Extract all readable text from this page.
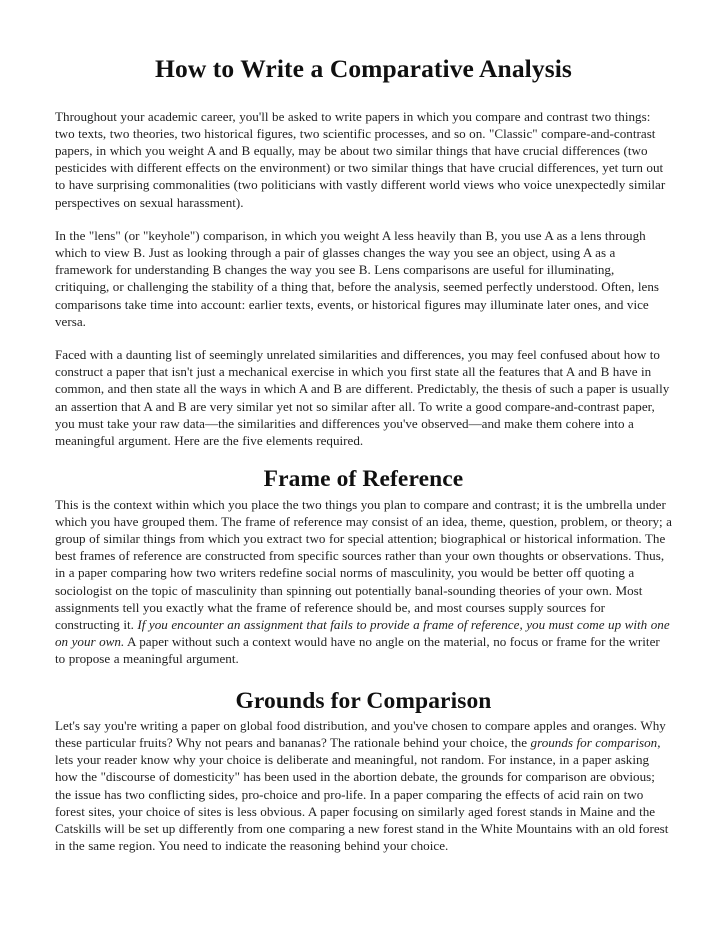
How to Write a Comparative Analysis

Throughout your academic career, you'll be asked to write papers in which you compare and contrast two things: two texts, two theories, two historical figures, two scientific processes, and so on. "Classic" compare-and-contrast papers, in which you weight A and B equally, may be about two similar things that have crucial differences (two pesticides with different effects on the environment) or two similar things that have crucial differences, yet turn out to have surprising commonalities (two politicians with vastly different world views who voice unexpectedly similar perspectives on sexual harassment).

In the "lens" (or "keyhole") comparison, in which you weight A less heavily than B, you use A as a lens through which to view B. Just as looking through a pair of glasses changes the way you see an object, using A as a framework for understanding B changes the way you see B. Lens comparisons are useful for illuminating, critiquing, or challenging the stability of a thing that, before the analysis, seemed perfectly understood. Often, lens comparisons take time into account: earlier texts, events, or historical figures may illuminate later ones, and vice versa.

Faced with a daunting list of seemingly unrelated similarities and differences, you may feel confused about how to construct a paper that isn't just a mechanical exercise in which you first state all the features that A and B have in common, and then state all the ways in which A and B are different. Predictably, the thesis of such a paper is usually an assertion that A and B are very similar yet not so similar after all. To write a good compare-and-contrast paper, you must take your raw data—the similarities and differences you've observed—and make them cohere into a meaningful argument. Here are the five elements required.

Frame of Reference

This is the context within which you place the two things you plan to compare and contrast; it is the umbrella under which you have grouped them. The frame of reference may consist of an idea, theme, question, problem, or theory; a group of similar things from which you extract two for special attention; biographical or historical information. The best frames of reference are constructed from specific sources rather than your own thoughts or observations. Thus, in a paper comparing how two writers redefine social norms of masculinity, you would be better off quoting a sociologist on the topic of masculinity than spinning out potentially banal-sounding theories of your own. Most assignments tell you exactly what the frame of reference should be, and most courses supply sources for constructing it. If you encounter an assignment that fails to provide a frame of reference, you must come up with one on your own. A paper without such a context would have no angle on the material, no focus or frame for the writer to propose a meaningful argument.

Grounds for Comparison

Let's say you're writing a paper on global food distribution, and you've chosen to compare apples and oranges. Why these particular fruits? Why not pears and bananas? The rationale behind your choice, the grounds for comparison, lets your reader know why your choice is deliberate and meaningful, not random. For instance, in a paper asking how the "discourse of domesticity" has been used in the abortion debate, the grounds for comparison are obvious; the issue has two conflicting sides, pro-choice and pro-life. In a paper comparing the effects of acid rain on two forest sites, your choice of sites is less obvious. A paper focusing on similarly aged forest stands in Maine and the Catskills will be set up differently from one comparing a new forest stand in the White Mountains with an old forest in the same region. You need to indicate the reasoning behind your choice.
